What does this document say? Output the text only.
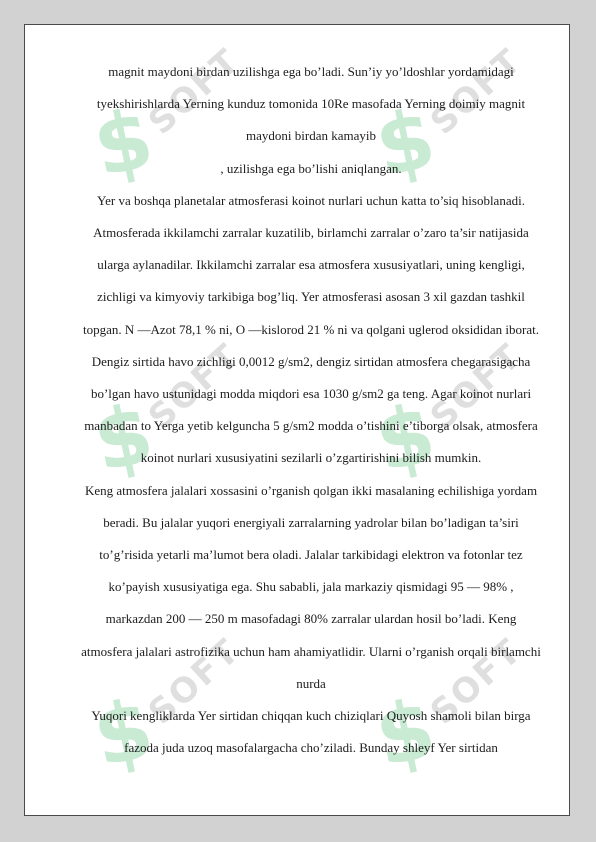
$
SOFT $
SOFT
$
SOFT $
SOFT
$
SOFT $
SOFT

magnit maydoni birdan uzilishga ega bo’ladi. Sun’iy yo’ldoshlar yordamidagi tyekshirishlarda Yerning kunduz tomonida 10Re masofada Yerning doimiy magnit maydoni birdan kamayib

, uzilishga ega bo’lishi aniqlangan.

Yer va boshqa planetalar atmosferasi koinot nurlari uchun katta to’siq hisoblanadi. Atmosferada ikkilamchi zarralar kuzatilib, birlamchi zarralar o’zaro ta’sir natijasida ularga aylanadilar. Ikkilamchi zarralar esa atmosfera xususiyatlari, uning kengligi, zichligi va kimyoviy tarkibiga bog’liq. Yer atmosferasi asosan 3 xil gazdan tashkil topgan. N —Azot 78,1 % ni, O —kislorod 21 % ni va qolgani uglerod oksididan iborat. Dengiz sirtida havo zichligi 0,0012 g/sm2, dengiz sirtidan atmosfera chegarasigacha bo’lgan havo ustunidagi modda miqdori esa 1030 g/sm2 ga teng. Agar koinot nurlari manbadan to Yerga yetib kelguncha 5 g/sm2 modda o’tishini e’tiborga olsak, atmosfera koinot nurlari xususiyatini sezilarli o’zgartirishini bilish mumkin.

Keng atmosfera jalalari xossasini o’rganish qolgan ikki masalaning echilishiga yordam beradi. Bu jalalar yuqori energiyali zarralarning yadrolar bilan bo’ladigan ta’siri to’g’risida yetarli ma’lumot bera oladi. Jalalar tarkibidagi elektron va fotonlar tez ko’payish xususiyatiga ega. Shu sababli, jala markaziy qismidagi 95 — 98% , markazdan 200 — 250 m masofadagi 80% zarralar ulardan hosil bo’ladi. Keng atmosfera jalalari astrofizika uchun ham ahamiyatlidir. Ularni o’rganish orqali birlamchi nurda

Yuqori kengliklarda Yer sirtidan chiqqan kuch chiziqlari Quyosh shamoli bilan birga fazoda juda uzoq masofalargacha cho’ziladi. Bunday shleyf Yer sirtidan
